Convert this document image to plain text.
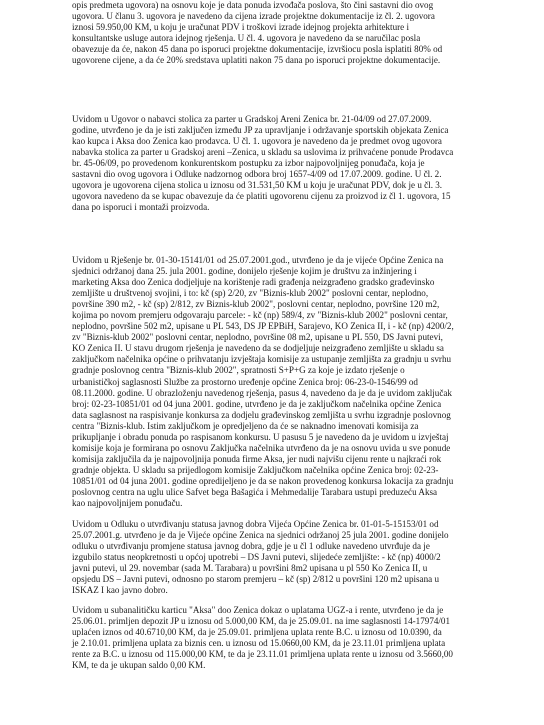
opis predmeta ugovora) na osnovu koje je data ponuda izvođača poslova, što čini sastavni dio ovog
ugovora. U članu 3. ugovora je navedeno da cijena izrade projektne dokumentacije iz čl. 2. ugovora
iznosi 59.950,00 KM, u koju je uračunat PDV i troškovi izrade idejnog projekta arhitekture i
konsultantske usluge autora idejnog rješenja. U čl. 4. ugovora je navedeno da se naručilac posla
obavezuje da će, nakon 45 dana po isporuci projektne dokumentacije, izvršiocu posla isplatiti 80% od
ugovorene cijene, a da će 20% sredstava uplatiti nakon 75 dana po isporuci projektne dokumentacije.
Uvidom u Ugovor o nabavci stolica za parter u Gradskoj Areni Zenica br. 21-04/09 od 27.07.2009.
godine, utvrđeno je da je isti zaključen između JP za upravljanje i održavanje sportskih objekata Zenica
kao kupca i Aksa doo Zenica kao prodavca. U čl. 1. ugovora je navedeno da je predmet ovog ugovora
nabavka stolica za parter u Gradskoj areni –Zenica, u skladu sa uslovima iz prihvaćene ponude Prodavca
br. 45-06/09, po provedenom konkurentskom postupku za izbor najpovoljnijeg ponuđača, koja je
sastavni dio ovog ugovora i Odluke nadzornog odbora broj 1657-4/09 od 17.07.2009. godine. U čl. 2.
ugovora je ugovorena cijena stolica u iznosu od 31.531,50 KM u koju je uračunat PDV, dok je u čl. 3.
ugovora navedeno da se kupac obavezuje da će platiti ugovorenu cijenu za proizvod iz čl 1. ugovora, 15
dana po isporuci i montaži proizvoda.
Uvidom u Rješenje br. 01-30-15141/01 od 25.07.2001.god., utvrđeno je da je vijeće Općine Zenica na
sjednici održanoj dana 25. jula 2001. godine, donijelo rješenje kojim je društvu za inžinjering i
marketing Aksa doo Zenica dodjeljuje na korištenje radi građenja neizgrađeno gradsko građevinsko
zemljište u društvenoj svojini, i to: kč (sp) 2/20, zv "Biznis-klub 2002" poslovni centar, neplodno,
površine 390 m2, - kč (sp) 2/812, zv Biznis-klub 2002", poslovni centar, neplodno, površine 120 m2,
kojima po novom premjeru odgovaraju parcele: - kč (np) 589/4, zv "Biznis-klub 2002" poslovni centar,
neplodno, površine 502 m2, upisane u PL 543, DS JP EPBiH, Sarajevo, KO Zenica II, i - kč (np) 4200/2,
zv "Biznis-klub 2002" poslovni centar, neplodno, površine 08 m2, upisane u PL 550, DS Javni putevi,
KO Zenica II. U stavu drugom rješenja je navedeno da se dodjeljuje neizgrađeno zemljište u skladu sa
zaključkom načelnika općine o prihvatanju izvještaja komisije za ustupanje zemljišta za gradnju u svrhu
gradnje poslovnog centra "Biznis-klub 2002", spratnosti S+P+G za koje je izdato rješenje o
urbanističkoj saglasnosti Službe za prostorno uređenje općine Zenica broj: 06-23-0-1546/99 od
08.11.2000. godine. U obrazloženju navedenog rješenja, pasus 4, navedeno da je da je uvidom zaključak
broj: 02-23-10851/01 od 04 juna 2001. godine, utvrđeno je da je zaključkom načelnika općine Zenica
data saglasnost na raspisivanje konkursa za dodjelu građevinskog zemljišta u svrhu izgradnje poslovnog
centra "Biznis-klub. Istim zaključkom je opredjeljeno da će se naknadno imenovati komisija za
prikupljanje i obradu ponuda po raspisanom konkursu. U pasusu 5 je navedeno da je uvidom u izvještaj
komisije koja je formirana po osnovu Zaključka načelnika utvrđeno da je na osnovu uvida u sve ponude
komisija zaključila da je najpovoljnija ponuda firme Aksa, jer nudi najvišu cijenu rente u najkraći rok
gradnje objekta. U skladu sa prijedlogom komisije Zaključkom načelnika općine Zenica broj: 02-23-
10851/01 od 04 juna 2001. godine opredijeljeno je da se nakon provedenog konkursa lokacija za gradnju
poslovnog centra na uglu ulice Safvet bega Bašagića i Mehmedalije Tarabara ustupi preduzeću Aksa
kao najpovoljnijem ponuđaču.
Uvidom u Odluku o utvrđivanju statusa javnog dobra Vijeća Općine Zenica br. 01-01-5-15153/01 od
25.07.2001.g. utvrđeno je da je Vijeće općine Zenica na sjednici održanoj 25 jula 2001. godine donijelo
odluku o utvrđivanju promjene statusa javnog dobra, gdje je u čl 1 odluke navedeno utvrđuje da je
izgubilo status neopkretnosti u općoj upotrebi – DS Javni putevi, slijedeće zemljište: - kč (np) 4000/2
javni putevi, ul 29. novembar (sada M. Tarabara) u površini 8m2 upisana u pl 550 Ko Zenica II, u
opsjedu DS – Javni putevi, odnosno po starom premjeru – kč (sp) 2/812 u površini 120 m2 upisana u
ISKAZ I kao javno dobro.
Uvidom u subanalitičku karticu "Aksa" doo Zenica dokaz o uplatama UGZ-a i rente, utvrđeno je da je
25.06.01. primljen depozit JP u iznosu od 5.000,00 KM, da je 25.09.01. na ime saglasnosti 14-17974/01
uplaćen iznos od 40.6710,00 KM, da je 25.09.01. primljena uplata rente B.C. u iznosu od 10.0390, da
je 2.10.01. primljena uplata za biznis cen. u iznosu od 15.0660,00 KM, da je 23.11.01 primljena uplata
rente za B.C. u iznosu od 115.000,00 KM, te da je 23.11.01 primljena uplata rente u iznosu od 3.5660,00
KM, te da je ukupan saldo 0,00 KM.
